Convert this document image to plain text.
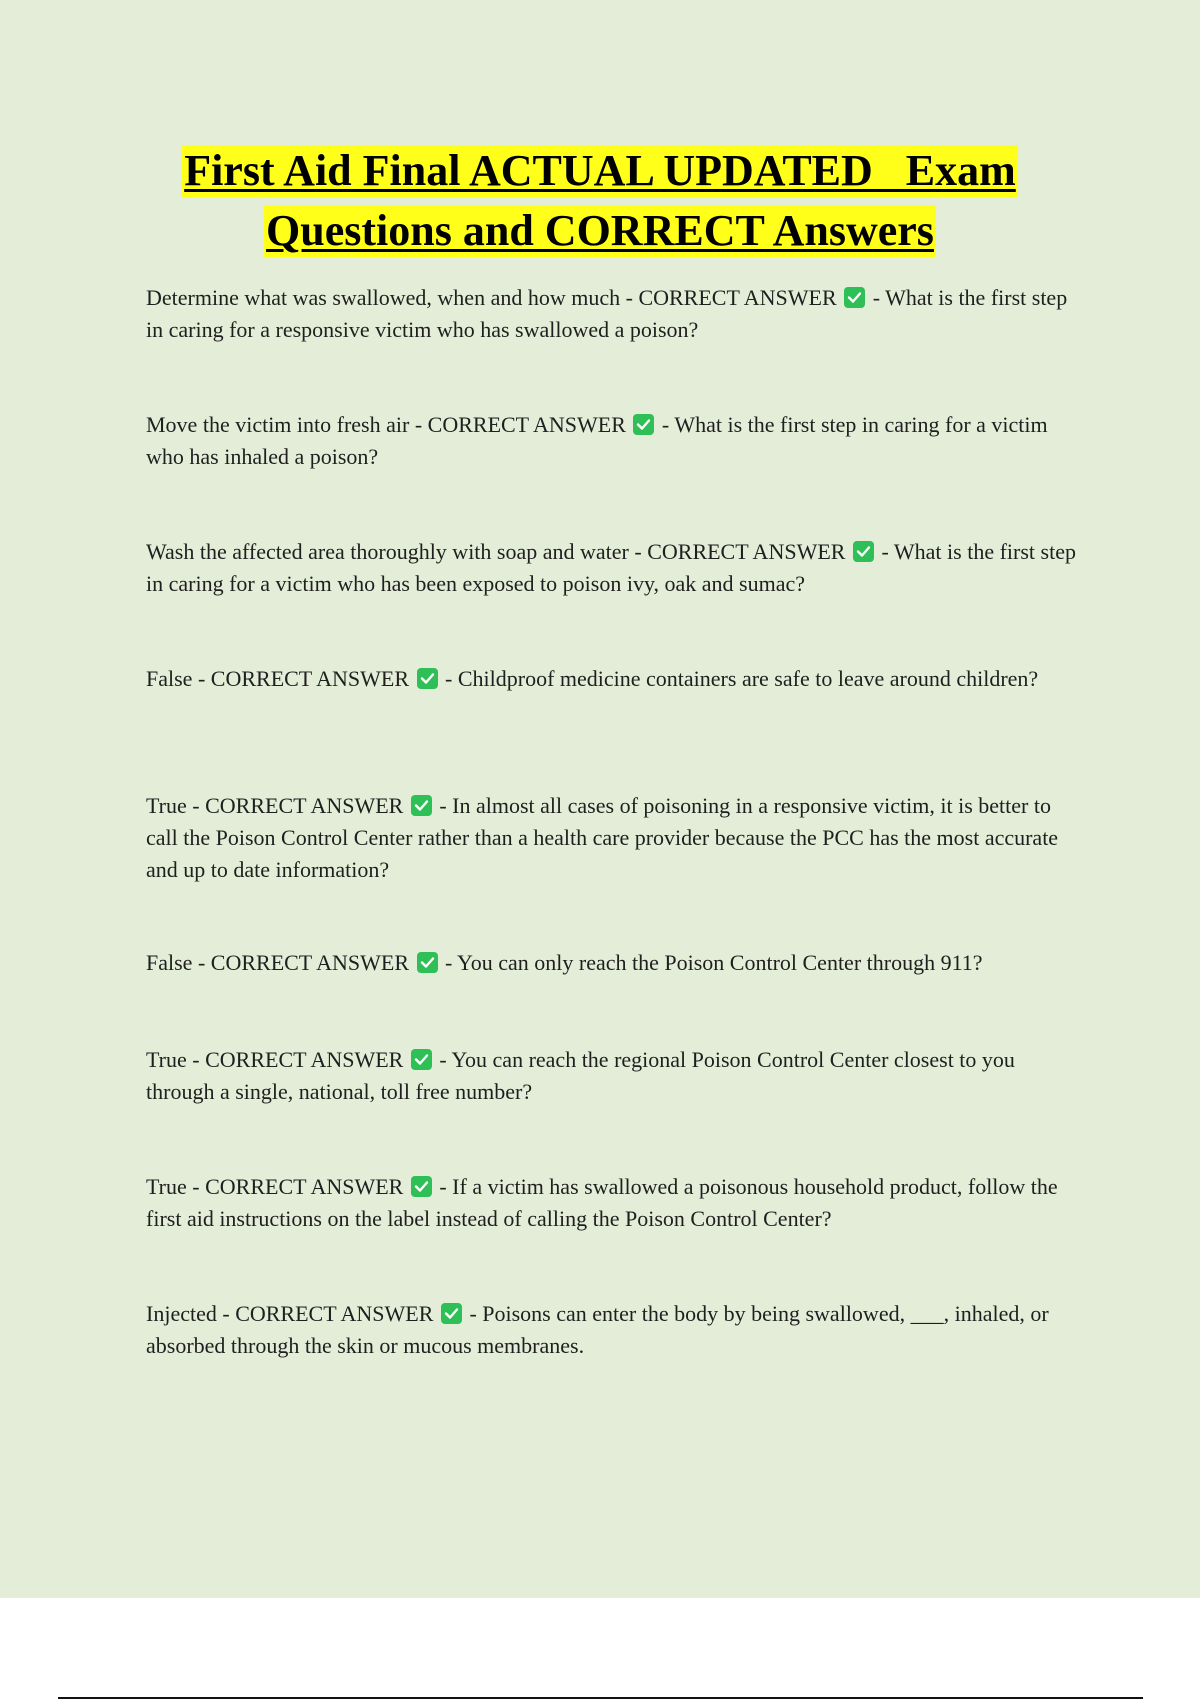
First Aid Final ACTUAL UPDATED   Exam
Questions and CORRECT Answers
Determine what was swallowed, when and how much - CORRECT ANSWER
- What is the first step in caring for a responsive victim who has swallowed a poison?
Move the victim into fresh air - CORRECT ANSWER
- What is the first step in caring for a victim who has inhaled a poison?
Wash the affected area thoroughly with soap and water - CORRECT ANSWER
- What is the first step in caring for a victim who has been exposed to poison ivy, oak and sumac?
False - CORRECT ANSWER
- Childproof medicine containers are safe to leave around children?
True - CORRECT ANSWER
- In almost all cases of poisoning in a responsive victim, it is better to call the Poison Control Center rather than a health care provider because the PCC has the most accurate and up to date information?
False - CORRECT ANSWER
- You can only reach the Poison Control Center through 911?
True - CORRECT ANSWER
- You can reach the regional Poison Control Center closest to you through a single, national, toll free number?
True - CORRECT ANSWER
- If a victim has swallowed a poisonous household product, follow the first aid instructions on the label instead of calling the Poison Control Center?
Injected - CORRECT ANSWER
- Poisons can enter the body by being swallowed, ___, inhaled, or absorbed through the skin or mucous membranes.
